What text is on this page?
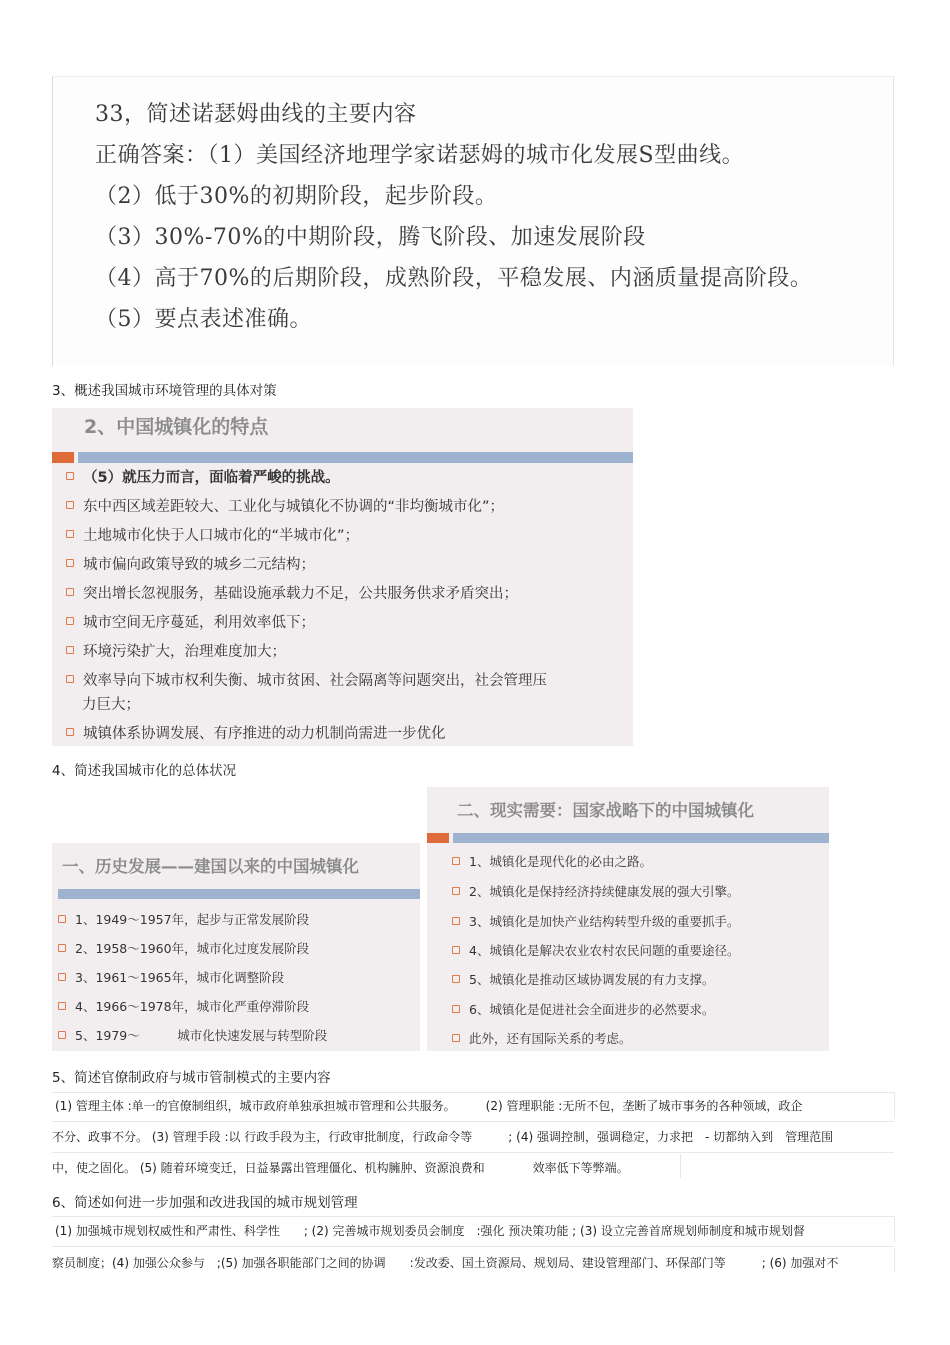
33，简述诺瑟姆曲线的主要内容
正确答案：（1）美国经济地理学家诺瑟姆的城市化发展S型曲线。
（2）低于30%的初期阶段，起步阶段。
（3）30%-70%的中期阶段，腾飞阶段、加速发展阶段
（4）高于70%的后期阶段，成熟阶段，平稳发展、内涵质量提高阶段。
（5）要点表述准确。
3、概述我国城市环境管理的具体对策
2、中国城镇化的特点
（5）就压力而言，面临着严峻的挑战。
东中西区域差距较大、工业化与城镇化不协调的“非均衡城市化”；
土地城市化快于人口城市化的“半城市化”；
城市偏向政策导致的城乡二元结构；
突出增长忽视服务，基础设施承载力不足，公共服务供求矛盾突出；
城市空间无序蔓延，利用效率低下；
环境污染扩大，治理难度加大；
效率导向下城市权利失衡、城市贫困、社会隔离等问题突出，社会管理压
力巨大；
城镇体系协调发展、有序推进的动力机制尚需进一步优化
4、简述我国城市化的总体状况
一、历史发展——建国以来的中国城镇化
1、1949～1957年，起步与正常发展阶段
2、1958～1960年，城市化过度发展阶段
3、1961～1965年，城市化调整阶段
4、1966～1978年，城市化严重停滞阶段
5、1979～　　　城市化快速发展与转型阶段
二、现实需要：国家战略下的中国城镇化
1、城镇化是现代化的必由之路。
2、城镇化是保持经济持续健康发展的强大引擎。
3、城镇化是加快产业结构转型升级的重要抓手。
4、城镇化是解决农业农村农民问题的重要途径。
5、城镇化是推动区域协调发展的有力支撑。
6、城镇化是促进社会全面进步的必然要求。
此外，还有国际关系的考虑。
5、简述官僚制政府与城市管制模式的主要内容
(1) 管理主体 :单一的官僚制组织，城市政府单独承担城市管理和公共服务。　　　(2) 管理职能 :无所不包，垄断了城市事务的各种领域，政企
不分、政事不分。 (3) 管理手段 :以 行政手段为主，行政审批制度，行政命令等　　　; (4) 强调控制，强调稳定，力求把　- 切都纳入到　管理范围
中，使之固化。 (5) 随着环境变迁，日益暴露出管理僵化、机构臃肿、资源浪费和　　　　效率低下等弊端。
6、简述如何进一步加强和改进我国的城市规划管理
(1) 加强城市规划权威性和严肃性、科学性　　; (2) 完善城市规划委员会制度　:强化 预决策功能 ; (3) 设立完善首席规划师制度和城市规划督
察员制度；(4) 加强公众参与　;(5) 加强各职能部门之间的协调　　:发改委、国土资源局、规划局、建设管理部门、环保部门等　　　; (6) 加强对不
